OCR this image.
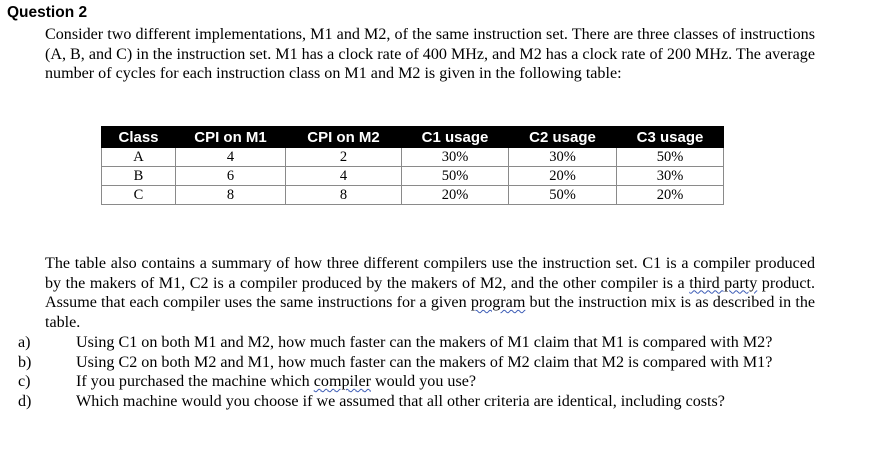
Question 2
Consider two different implementations, M1 and M2, of the same instruction set. There are three classes of instructions (A, B, and C) in the instruction set. M1 has a clock rate of 400 MHz, and M2 has a clock rate of 200 MHz. The average number of cycles for each instruction class on M1 and M2 is given in the following table:
Class	CPI on M1	CPI on M2	C1 usage	C2 usage	C3 usage
A	4	2	30%	30%	50%
B	6	4	50%	20%	30%
C	8	8	20%	50%	20%
The table also contains a summary of how three different compilers use the instruction set. C1 is a compiler produced by the makers of M1, C2 is a compiler produced by the makers of M2, and the other compiler is a third party product. Assume that each compiler uses the same instructions for a given program but the instruction mix is as described in the table.
a)	Using C1 on both M1 and M2, how much faster can the makers of M1 claim that M1 is compared with M2?
b)	Using C2 on both M2 and M1, how much faster can the makers of M2 claim that M2 is compared with M1?
c)	If you purchased the machine which compiler would you use?
d)	Which machine would you choose if we assumed that all other criteria are identical, including costs?
